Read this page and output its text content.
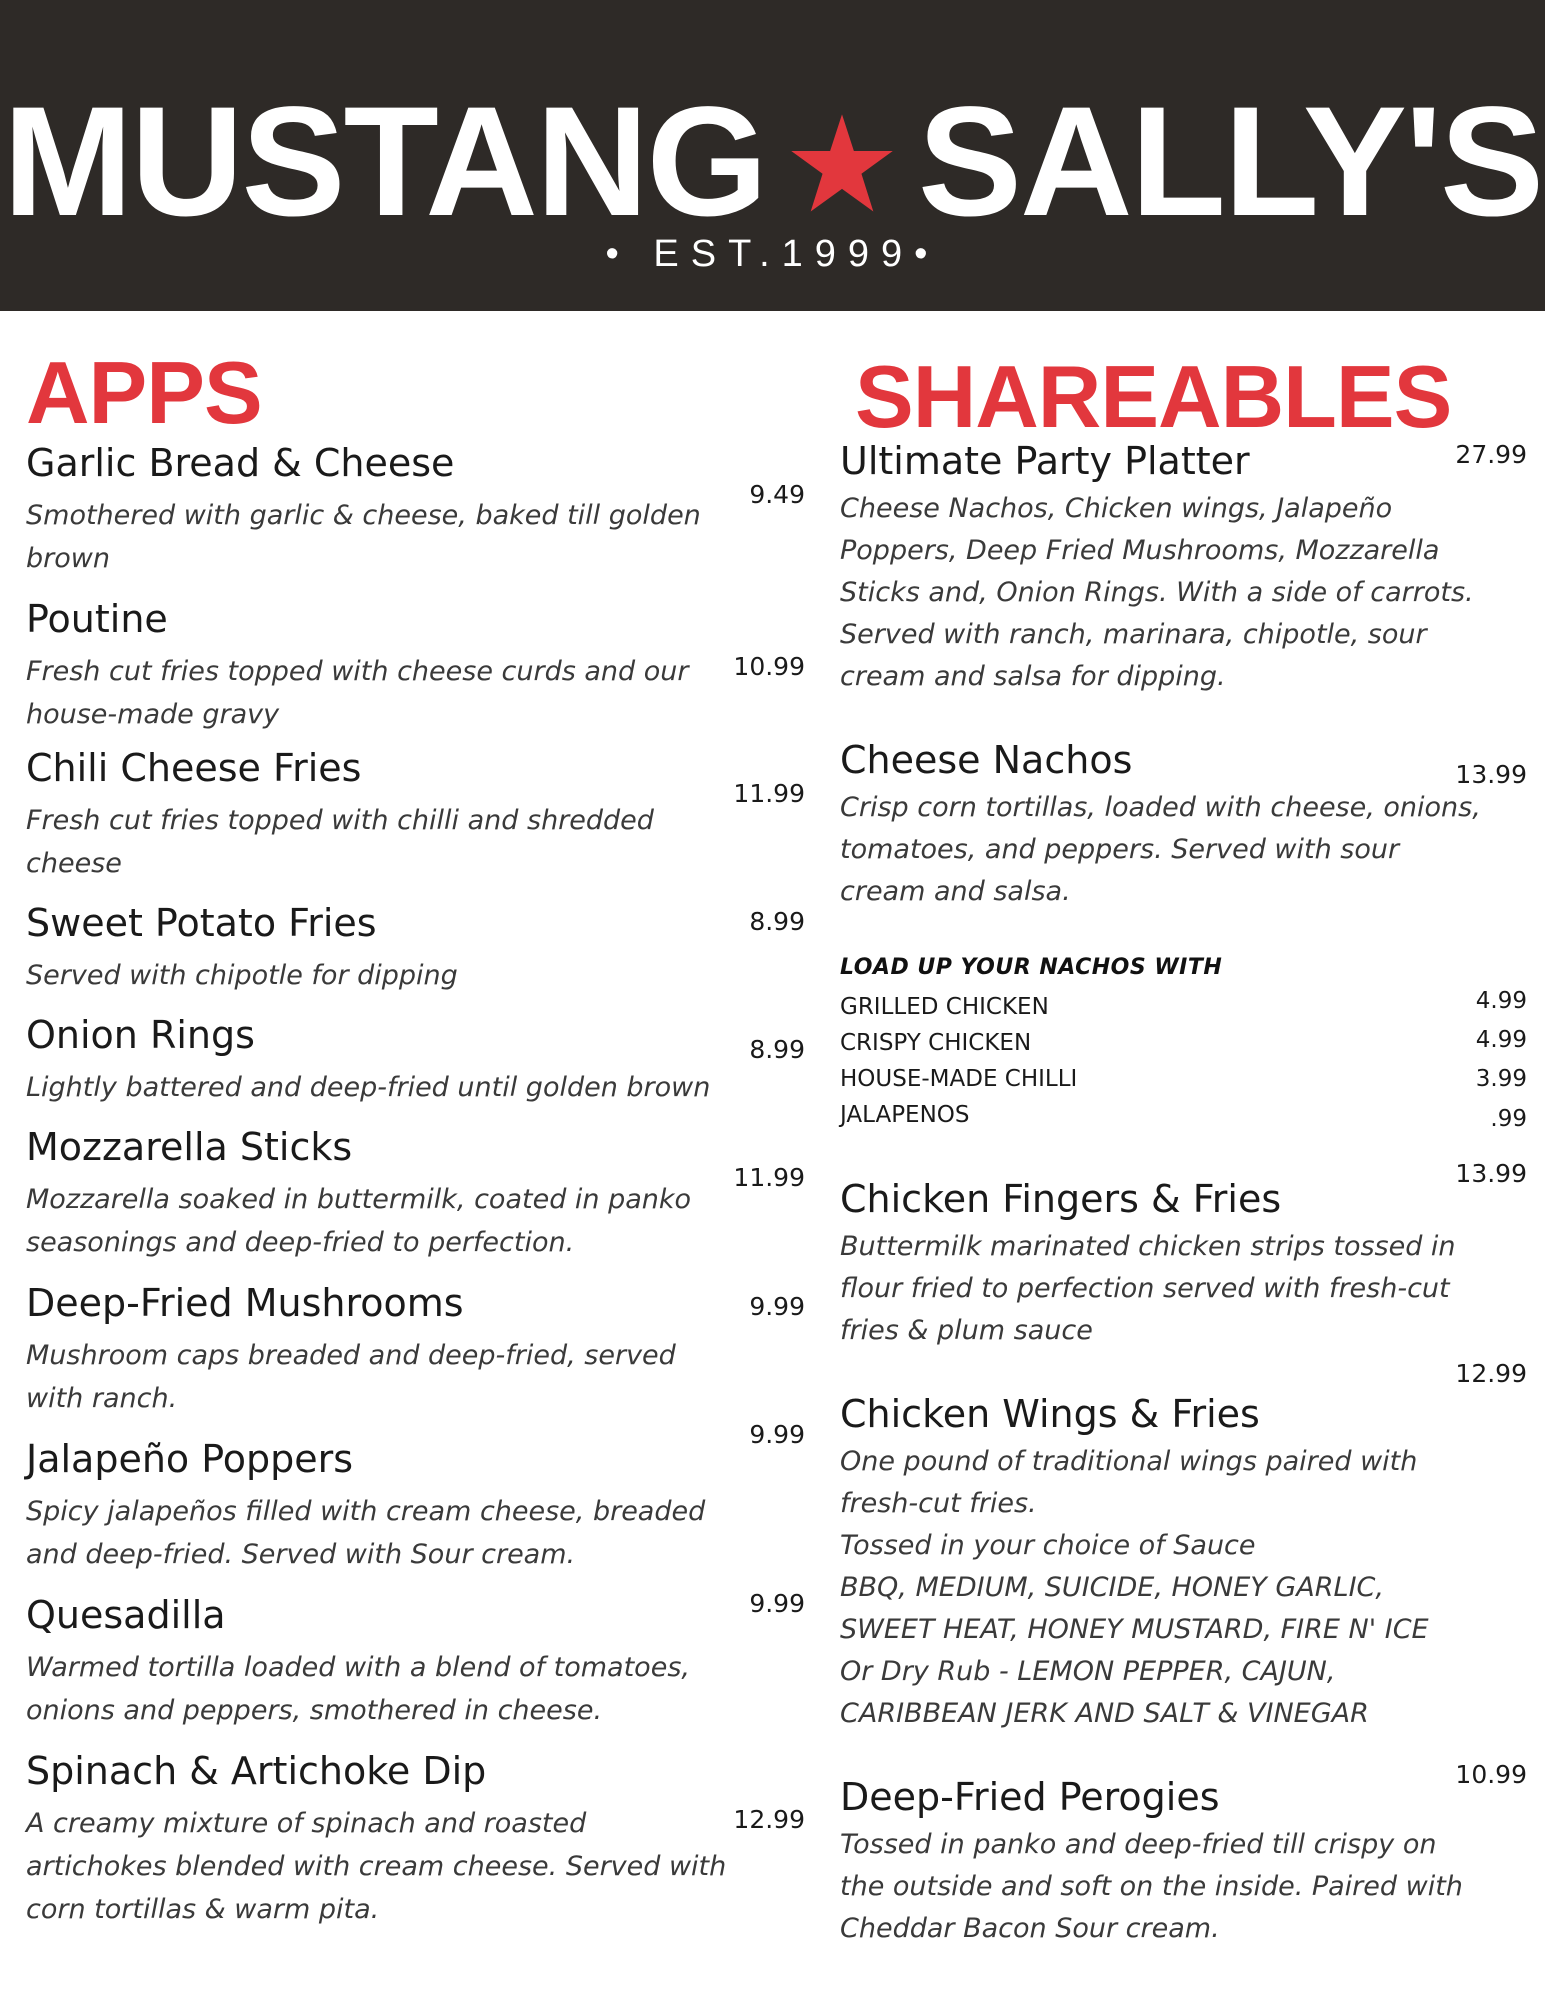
MUSTANG SALLY'S
• EST.1999•
APPS	SHAREABLES
Garlic Bread & Cheese
Smothered with garlic & cheese, baked till golden
brown
9.49
Poutine
Fresh cut fries topped with cheese curds and our
house-made gravy
10.99
Chili Cheese Fries
Fresh cut fries topped with chilli and shredded
cheese
11.99
Sweet Potato Fries
Served with chipotle for dipping
8.99
Onion Rings
Lightly battered and deep-fried until golden brown
8.99
Mozzarella Sticks
Mozzarella soaked in buttermilk, coated in panko
seasonings and deep-fried to perfection.
11.99
Deep-Fried Mushrooms
Mushroom caps breaded and deep-fried, served
with ranch.
9.99
Jalapeño Poppers
Spicy jalapeños filled with cream cheese, breaded
and deep-fried. Served with Sour cream.
9.99
Quesadilla
Warmed tortilla loaded with a blend of tomatoes,
onions and peppers, smothered in cheese.
9.99
Spinach & Artichoke Dip
A creamy mixture of spinach and roasted
artichokes blended with cream cheese. Served with
corn tortillas & warm pita.
12.99
Ultimate Party Platter
Cheese Nachos, Chicken wings, Jalapeño
Poppers, Deep Fried Mushrooms, Mozzarella
Sticks and, Onion Rings. With a side of carrots.
Served with ranch, marinara, chipotle, sour
cream and salsa for dipping.
27.99
Cheese Nachos
Crisp corn tortillas, loaded with cheese, onions,
tomatoes, and peppers. Served with sour
cream and salsa.
13.99
LOAD UP YOUR NACHOS WITH
GRILLED CHICKEN	4.99
CRISPY CHICKEN	4.99
HOUSE-MADE CHILLI	3.99
JALAPENOS	.99
Chicken Fingers & Fries
Buttermilk marinated chicken strips tossed in
flour fried to perfection served with fresh-cut
fries & plum sauce
13.99
Chicken Wings & Fries
One pound of traditional wings paired with
fresh-cut fries.
Tossed in your choice of Sauce
BBQ, MEDIUM, SUICIDE, HONEY GARLIC,
SWEET HEAT, HONEY MUSTARD, FIRE N' ICE
Or Dry Rub - LEMON PEPPER, CAJUN,
CARIBBEAN JERK AND SALT & VINEGAR
12.99
Deep-Fried Perogies
Tossed in panko and deep-fried till crispy on
the outside and soft on the inside. Paired with
Cheddar Bacon Sour cream.
10.99
